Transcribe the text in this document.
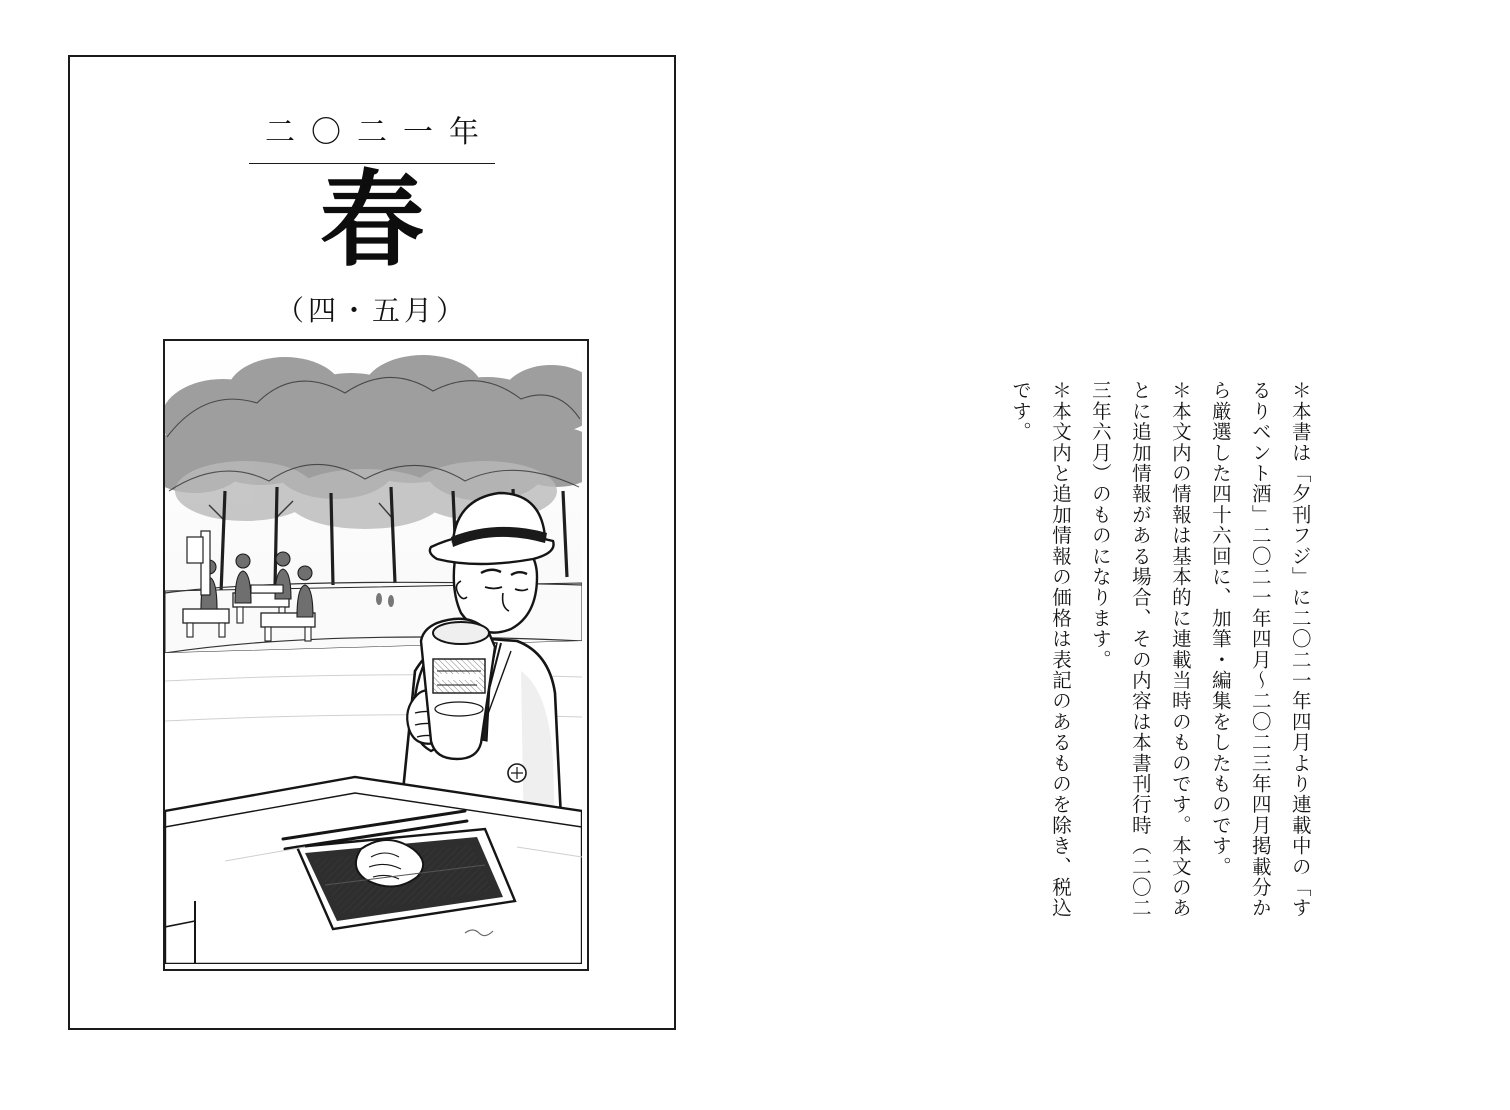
二〇二一年
春
（四・五月）

＊本書は「夕刊フジ」に二〇二一年四月より連載中の「するりベント酒」二〇二一年四月～二〇二三年四月掲載分から厳選した四十六回に、加筆・編集をしたものです。

＊本文内の情報は基本的に連載当時のものです。本文のあとに追加情報がある場合、その内容は本書刊行時（二〇二三年六月）のものになります。

＊本文内と追加情報の価格は表記のあるものを除き、税込です。
